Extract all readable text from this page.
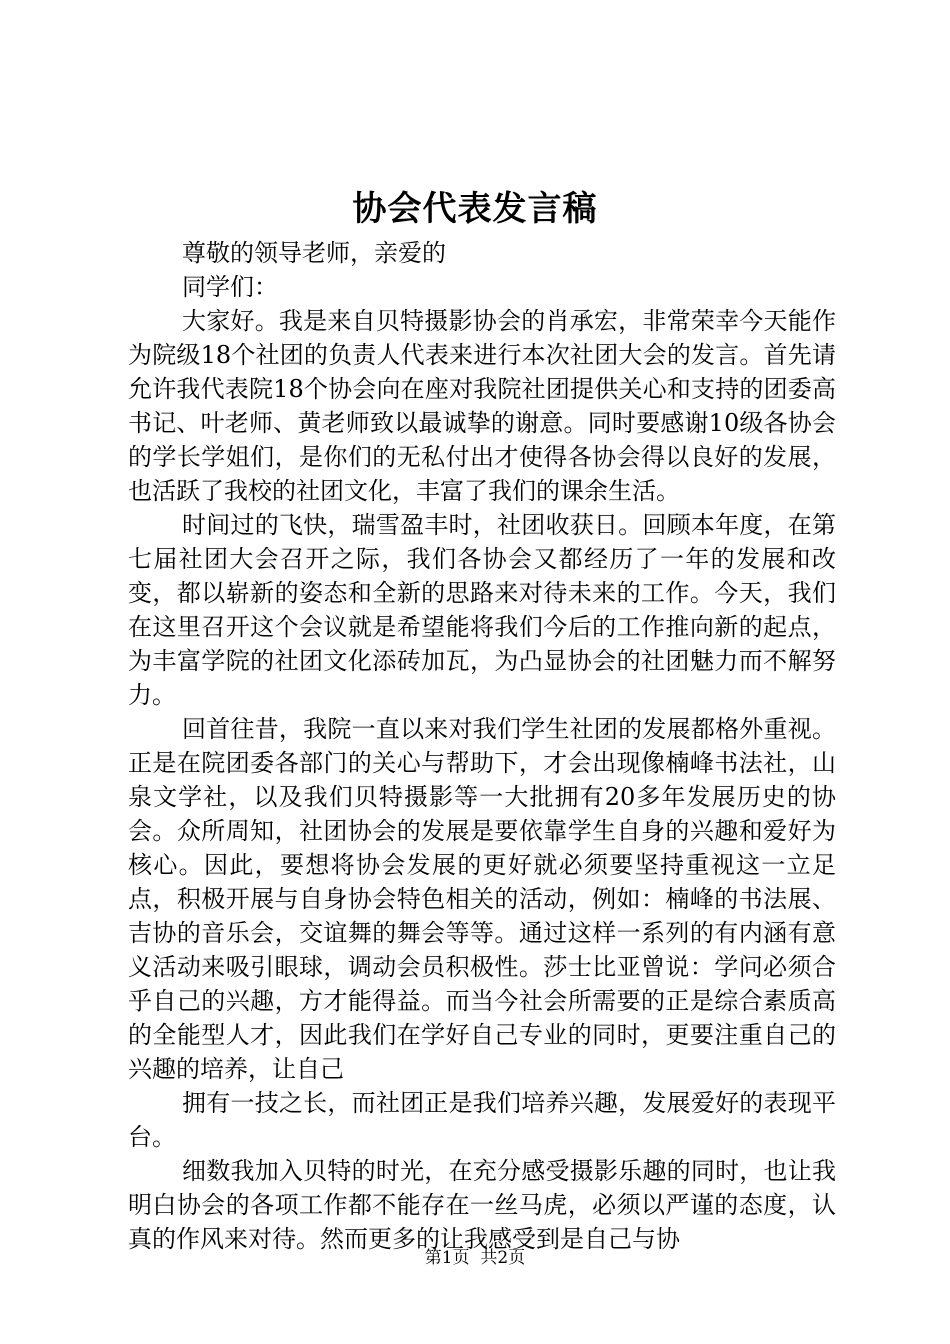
协会代表发言稿

尊敬的领导老师，亲爱的

同学们：

大家好。我是来自贝特摄影协会的肖承宏，非常荣幸今天能作为院级18个社团的负责人代表来进行本次社团大会的发言。首先请允许我代表院18个协会向在座对我院社团提供关心和支持的团委高书记、叶老师、黄老师致以最诚挚的谢意。同时要感谢10级各协会的学长学姐们，是你们的无私付出才使得各协会得以良好的发展，也活跃了我校的社团文化，丰富了我们的课余生活。

时间过的飞快，瑞雪盈丰时，社团收获日。回顾本年度，在第七届社团大会召开之际，我们各协会又都经历了一年的发展和改变，都以崭新的姿态和全新的思路来对待未来的工作。今天，我们在这里召开这个会议就是希望能将我们今后的工作推向新的起点，为丰富学院的社团文化添砖加瓦，为凸显协会的社团魅力而不解努力。

回首往昔，我院一直以来对我们学生社团的发展都格外重视。正是在院团委各部门的关心与帮助下，才会出现像楠峰书法社，山泉文学社，以及我们贝特摄影等一大批拥有20多年发展历史的协会。众所周知，社团协会的发展是要依靠学生自身的兴趣和爱好为核心。因此，要想将协会发展的更好就必须要坚持重视这一立足点，积极开展与自身协会特色相关的活动，例如：楠峰的书法展、吉协的音乐会，交谊舞的舞会等等。通过这样一系列的有内涵有意义活动来吸引眼球，调动会员积极性。莎士比亚曾说：学问必须合乎自己的兴趣，方才能得益。而当今社会所需要的正是综合素质高的全能型人才，因此我们在学好自己专业的同时，更要注重自己的兴趣的培养，让自己

拥有一技之长，而社团正是我们培养兴趣，发展爱好的表现平台。

细数我加入贝特的时光，在充分感受摄影乐趣的同时，也让我明白协会的各项工作都不能存在一丝马虎，必须以严谨的态度，认真的作风来对待。然而更多的让我感受到是自己与协

第1页 共2页
